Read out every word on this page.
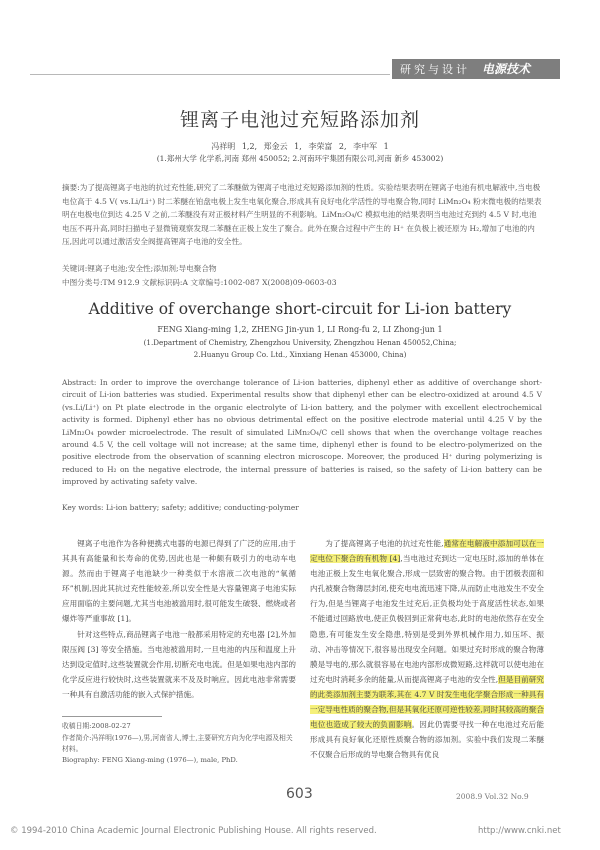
研究与设计 电源技术
锂离子电池过充短路添加剂
冯祥明 1,2, 郑金云 1, 李荣富 2, 李中军 1
(1.郑州大学 化学系,河南 郑州 450052; 2.河南环宇集团有限公司,河南 新乡 453002)
摘要:为了提高锂离子电池的抗过充性能,研究了二苯醚做为锂离子电池过充短路添加剂的性质。实验结果表明在锂离子电池有机电解液中,当电极电位高于 4.5 V( vs.Li/Li⁺) 时二苯醚在铂盘电极上发生电氧化聚合,形成具有良好电化学活性的导电聚合物,同时 LiMn₂O₄ 粉末微电极的结果表明在电极电位到达 4.25 V 之前,二苯醚没有对正极材料产生明显的不利影响。LiMn₂O₄/C 模拟电池的结果表明当电池过充到约 4.5 V 时,电池电压不再升高,同时扫描电子显微镜观察发现二苯醚在正极上发生了聚合。此外在聚合过程中产生的 H⁺ 在负极上被还原为 H₂,增加了电池的内压,因此可以通过激活安全阀提高锂离子电池的安全性。
关键词:锂离子电池;安全性;添加剂;导电聚合物
中图分类号:TM 912.9 文献标识码:A 文章编号:1002-087 X(2008)09-0603-03
Additive of overchange short-circuit for Li-ion battery
FENG Xiang-ming 1,2, ZHENG Jin-yun 1, LI Rong-fu 2, LI Zhong-jun 1
(1.Department of Chemistry, Zhengzhou University, Zhengzhou Henan 450052,China;
2.Huanyu Group Co. Ltd., Xinxiang Henan 453000, China)
Abstract: In order to improve the overchange tolerance of Li-ion batteries, diphenyl ether as additive of overchange short-circuit of Li-ion batteries was studied. Experimental results show that diphenyl ether can be electro-oxidized at around 4.5 V (vs.Li/Li⁺) on Pt plate electrode in the organic electrolyte of Li-ion battery, and the polymer with excellent electrochemical activity is formed. Diphenyl ether has no obvious detrimental effect on the positive electrode material until 4.25 V by the LiMn₂O₄ powder microelectrode. The result of simulated LiMn₂O₄/C cell shows that when the overchange voltage reaches around 4.5 V, the cell voltage will not increase; at the same time, diphenyl ether is found to be electro-polymerized on the positive electrode from the observation of scanning electron microscope. Moreover, the produced H⁺ during polymerizing is reduced to H₂ on the negative electrode, the internal pressure of batteries is raised, so the safety of Li-ion battery can be improved by activating safety valve.
Key words: Li-ion battery; safety; additive; conducting-polymer
锂离子电池作为各种便携式电器的电源已得到了广泛的应用,由于其具有高能量和长寿命的优势,因此也是一种颇有吸引力的电动车电源。然而由于锂离子电池缺少一种类似于水溶液二次电池的“氧循环”机制,因此其抗过充性能较差,所以安全性是大容量锂离子电池实际应用面临的主要问题,尤其当电池被滥用时,很可能发生破裂、燃烧或者爆炸等严重事故 [1]。
针对这些特点,商品锂离子电池一般都采用特定的充电器 [2],外加限压阀 [3] 等安全措施。当电池被滥用时,一旦电池的内压和温度上升达到设定值时,这些装置就会作用,切断充电电流。但是如果电池内部的化学反应进行较快时,这些装置就来不及及时响应。因此电池非常需要一种具有自激活功能的嵌入式保护措施。
为了提高锂离子电池的抗过充性能,通常在电解液中添加可以在一定电位下聚合的有机物 [4],当电池过充到达一定电压时,添加的单体在电池正极上发生电氧化聚合,形成一层致密的聚合物。由于团极表面和内孔被聚合物薄层封闭,使充电电流迅速下降,从而防止电池发生不安全行为,但是当锂离子电池发生过充后,正负极均处于高度活性状态,如果不能通过回路放电,使正负极回到正常荷电态,此时的电池依然存在安全隐患,有可能发生安全隐患,特别是受到外界机械作用力,如压坏、振动、冲击等情况下,很容易出现安全问题。如果过充时形成的聚合物薄膜是导电的,那么就很容易在电池内部形成微短路,这样就可以使电池在过充电时消耗多余的能量,从而提高锂离子电池的安全性,但是目前研究的此类添加剂主要为联苯,其在 4.7 V 时发生电化学聚合形成一种具有一定导电性质的聚合物,但是其氧化还原可逆性较差,同时其较高的聚合电位也造成了较大的负面影响。因此仍需要寻找一种在电池过充后能形成具有良好氧化还原性质聚合物的添加剂。实验中我们发现二苯醚不仅聚合后形成的导电聚合物具有优良
收稿日期:2008-02-27
作者简介:冯祥明(1976—),男,河南省人,博士,主要研究方向为化学电源及相关材料。
Biography: FENG Xiang-ming (1976—), male, PhD.
603	2008.9 Vol.32 No.9
© 1994-2010 China Academic Journal Electronic Publishing House. All rights reserved.	http://www.cnki.net
